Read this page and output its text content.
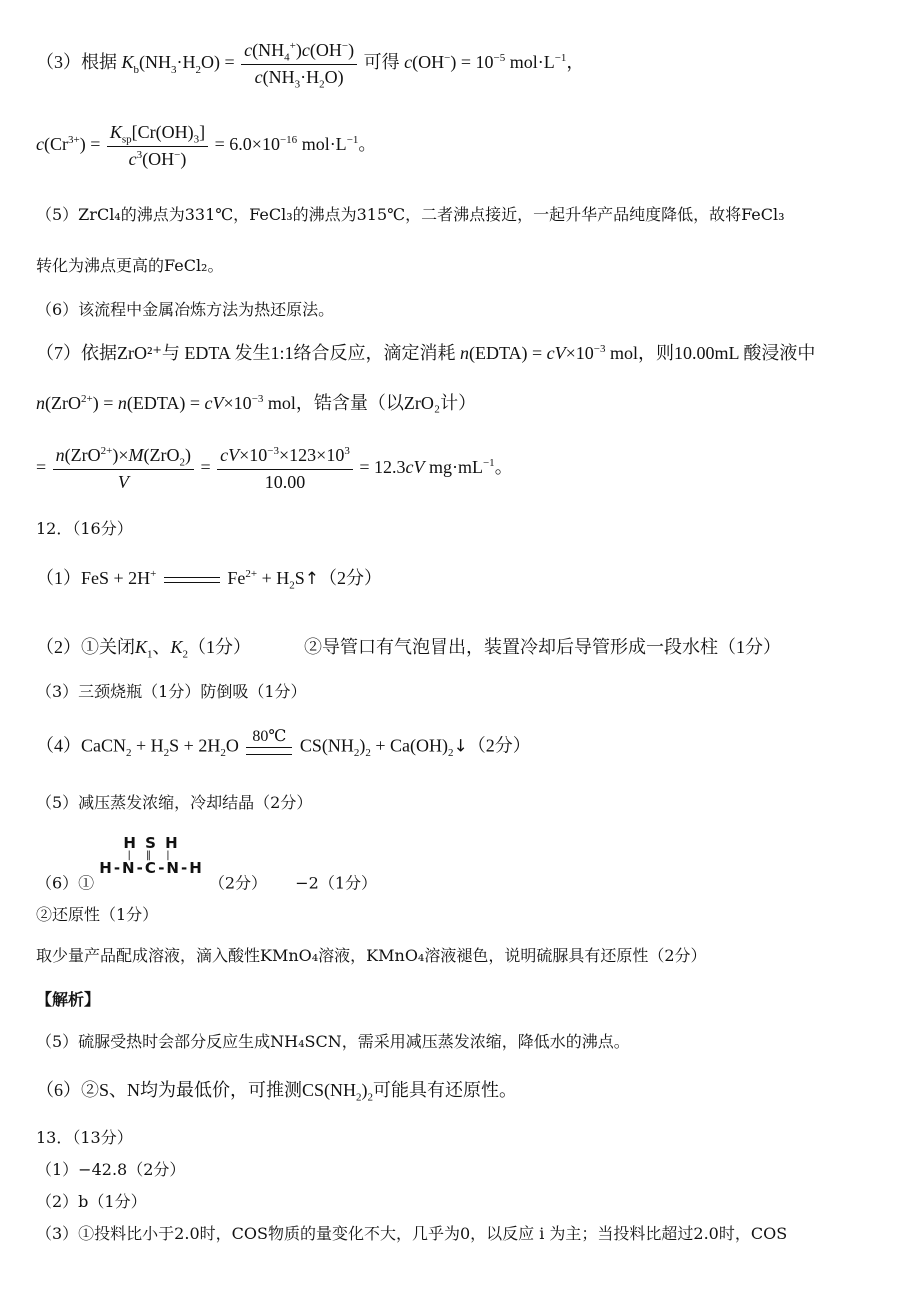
（3）根据 $K_b(NH_3\cdot H_2O) = \frac{c(NH_4^+)c(OH^-)}{c(NH_3\cdot H_2O)}$ 可得 $c(OH^-) = 10^{-5}$ $mol\cdot L^{-1}$，
$c(Cr^{3+}) = \frac{K_{sp}[Cr(OH)_3]}{c^3(OH^-)} = 6.0\times 10^{-16}$ $mol\cdot L^{-1}$。
（5）ZrCl₄的沸点为331℃，FeCl₃的沸点为315℃，二者沸点接近，一起升华产品纯度降低，故将FeCl₃
转化为沸点更高的FeCl₂。
（6）该流程中金属冶炼方法为热还原法。
（7）依据ZrO²⁺与 EDTA 发生1:1络合反应，滴定消耗 n(EDTA) = $cV\times 10^{-3}$ mol，则10.00mL 酸浸液中
n(ZrO$^{2+}$) = n(EDTA) = $cV\times 10^{-3}$ mol，锆含量（以ZrO₂计）
= $\frac{n(ZrO^{2+})\times M(ZrO_2)}{V} = \frac{cV\times 10^{-3}\times 123\times 10^3}{10.00} = 12.3cV$ $mg\cdot mL^{-1}$。
12．（16分）
（1）FeS + 2H+	$Fe^{2+}$ + $H_2S↑(2$分）
（2）①关闭$K_1$、$K_2(1$分）	②导管口有气泡冒出，装置冷却后导管形成一段水柱（1分）
（3）三颈烧瓶（1分）防倒吸（1分）
（4）CaCN$_2$ + $H_2S + 2H_2O$ 80℃ $CS(NH_2)_2$ + $Ca(OH)_2↓(2$分）
（5）减压蒸发浓缩，冷却结晶（2分）
（6）①
H S H
| ‖ |
H-N-C-N-H
（2分） −2（1分）
②还原性（1分）
取少量产品配成溶液，滴入酸性KMnO₄溶液，KMnO₄溶液褪色，说明硫脲具有还原性（2分）
【解析】
（5）硫脲受热时会部分反应生成NH₄SCN，需采用减压蒸发浓缩，降低水的沸点。
（6）②S、N均为最低价，可推测$CS(NH_2)_2$可能具有还原性。
13．（13分）
（1）−42.8（2分）
（2）b（1分）
（3）①投料比小于2.0时，COS物质的量变化不大，几乎为0，以反应 i 为主；当投料比超过2.0时，COS
